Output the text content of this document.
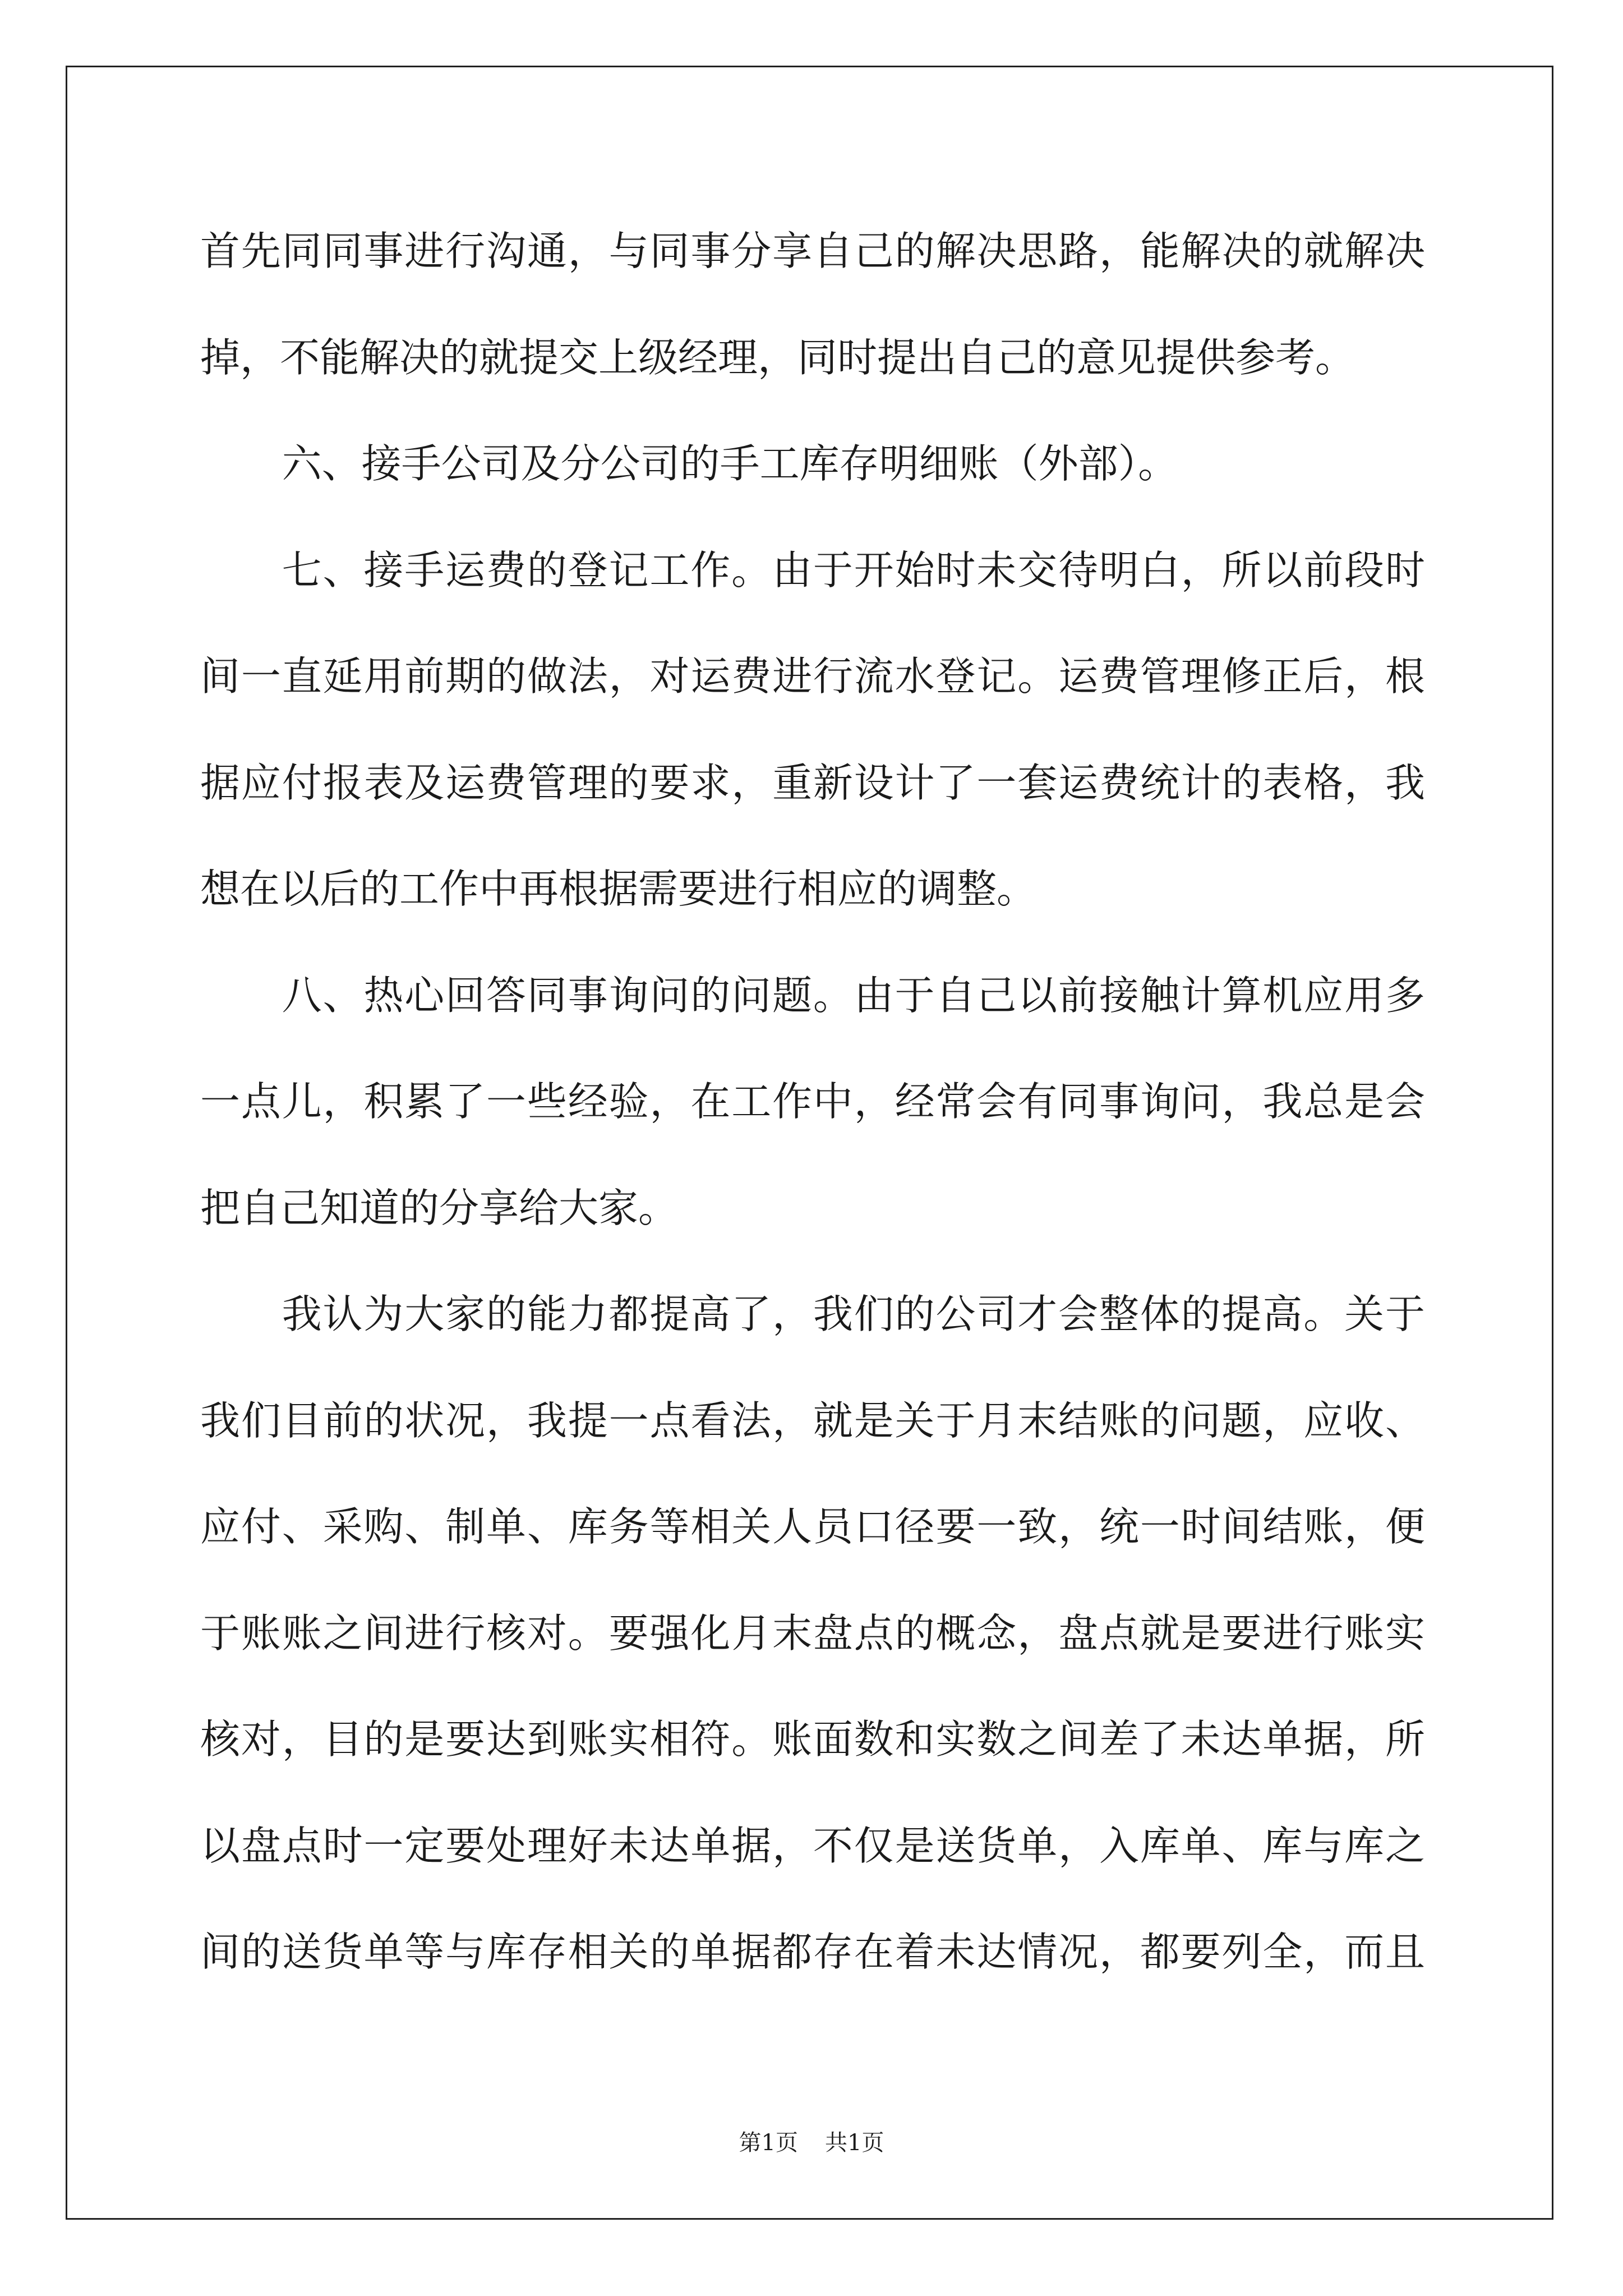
首先同同事进行沟通，与同事分享自己的解决思路，能解决的就解决
掉，不能解决的就提交上级经理，同时提出自己的意见提供参考。
六、接手公司及分公司的手工库存明细账（外部）。
七、接手运费的登记工作。由于开始时未交待明白，所以前段时
间一直延用前期的做法，对运费进行流水登记。运费管理修正后，根
据应付报表及运费管理的要求，重新设计了一套运费统计的表格，我
想在以后的工作中再根据需要进行相应的调整。
八、热心回答同事询问的问题。由于自己以前接触计算机应用多
一点儿，积累了一些经验，在工作中，经常会有同事询问，我总是会
把自己知道的分享给大家。
我认为大家的能力都提高了，我们的公司才会整体的提高。关于
我们目前的状况，我提一点看法，就是关于月末结账的问题，应收、
应付、采购、制单、库务等相关人员口径要一致，统一时间结账，便
于账账之间进行核对。要强化月末盘点的概念，盘点就是要进行账实
核对，目的是要达到账实相符。账面数和实数之间差了未达单据，所
以盘点时一定要处理好未达单据，不仅是送货单，入库单、库与库之
间的送货单等与库存相关的单据都存在着未达情况，都要列全，而且
第1页 共1页
